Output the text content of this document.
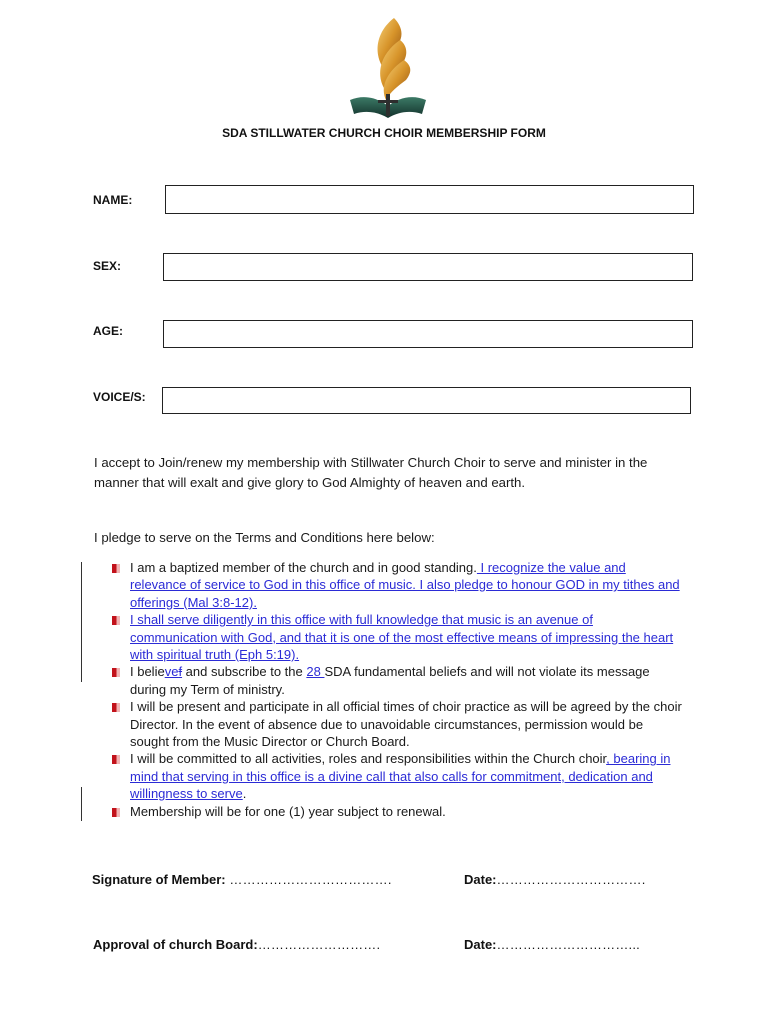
SDA STILLWATER CHURCH CHOIR MEMBERSHIP FORM
NAME:
SEX:
AGE:
VOICE/S:
I accept to Join/renew my membership with Stillwater Church Choir to serve and minister in the manner that will exalt and give glory to God Almighty of heaven and earth.
I pledge to serve on the Terms and Conditions here below:
I am a baptized member of the church and in good standing. I recognize the value and relevance of service to God in this office of music. I also pledge to honour GOD in my tithes and offerings (Mal 3:8-12).
I shall serve diligently in this office with full knowledge that music is an avenue of communication with God, and that it is one of the most effective means of impressing the heart with spiritual truth (Eph 5:19).
I believef and subscribe to the 28 SDA fundamental beliefs and will not violate its message during my Term of ministry.
I will be present and participate in all official times of choir practice as will be agreed by the choir Director. In the event of absence due to unavoidable circumstances, permission would be sought from the Music Director or Church Board.
I will be committed to all activities, roles and responsibilities within the Church choir, bearing in mind that serving in this office is a divine call that also calls for commitment, dedication and willingness to serve.
Membership will be for one (1) year subject to renewal.
Signature of Member: ……………………………….	Date:…………………………….
Approval of church Board:……………………….	Date:…………………………...
